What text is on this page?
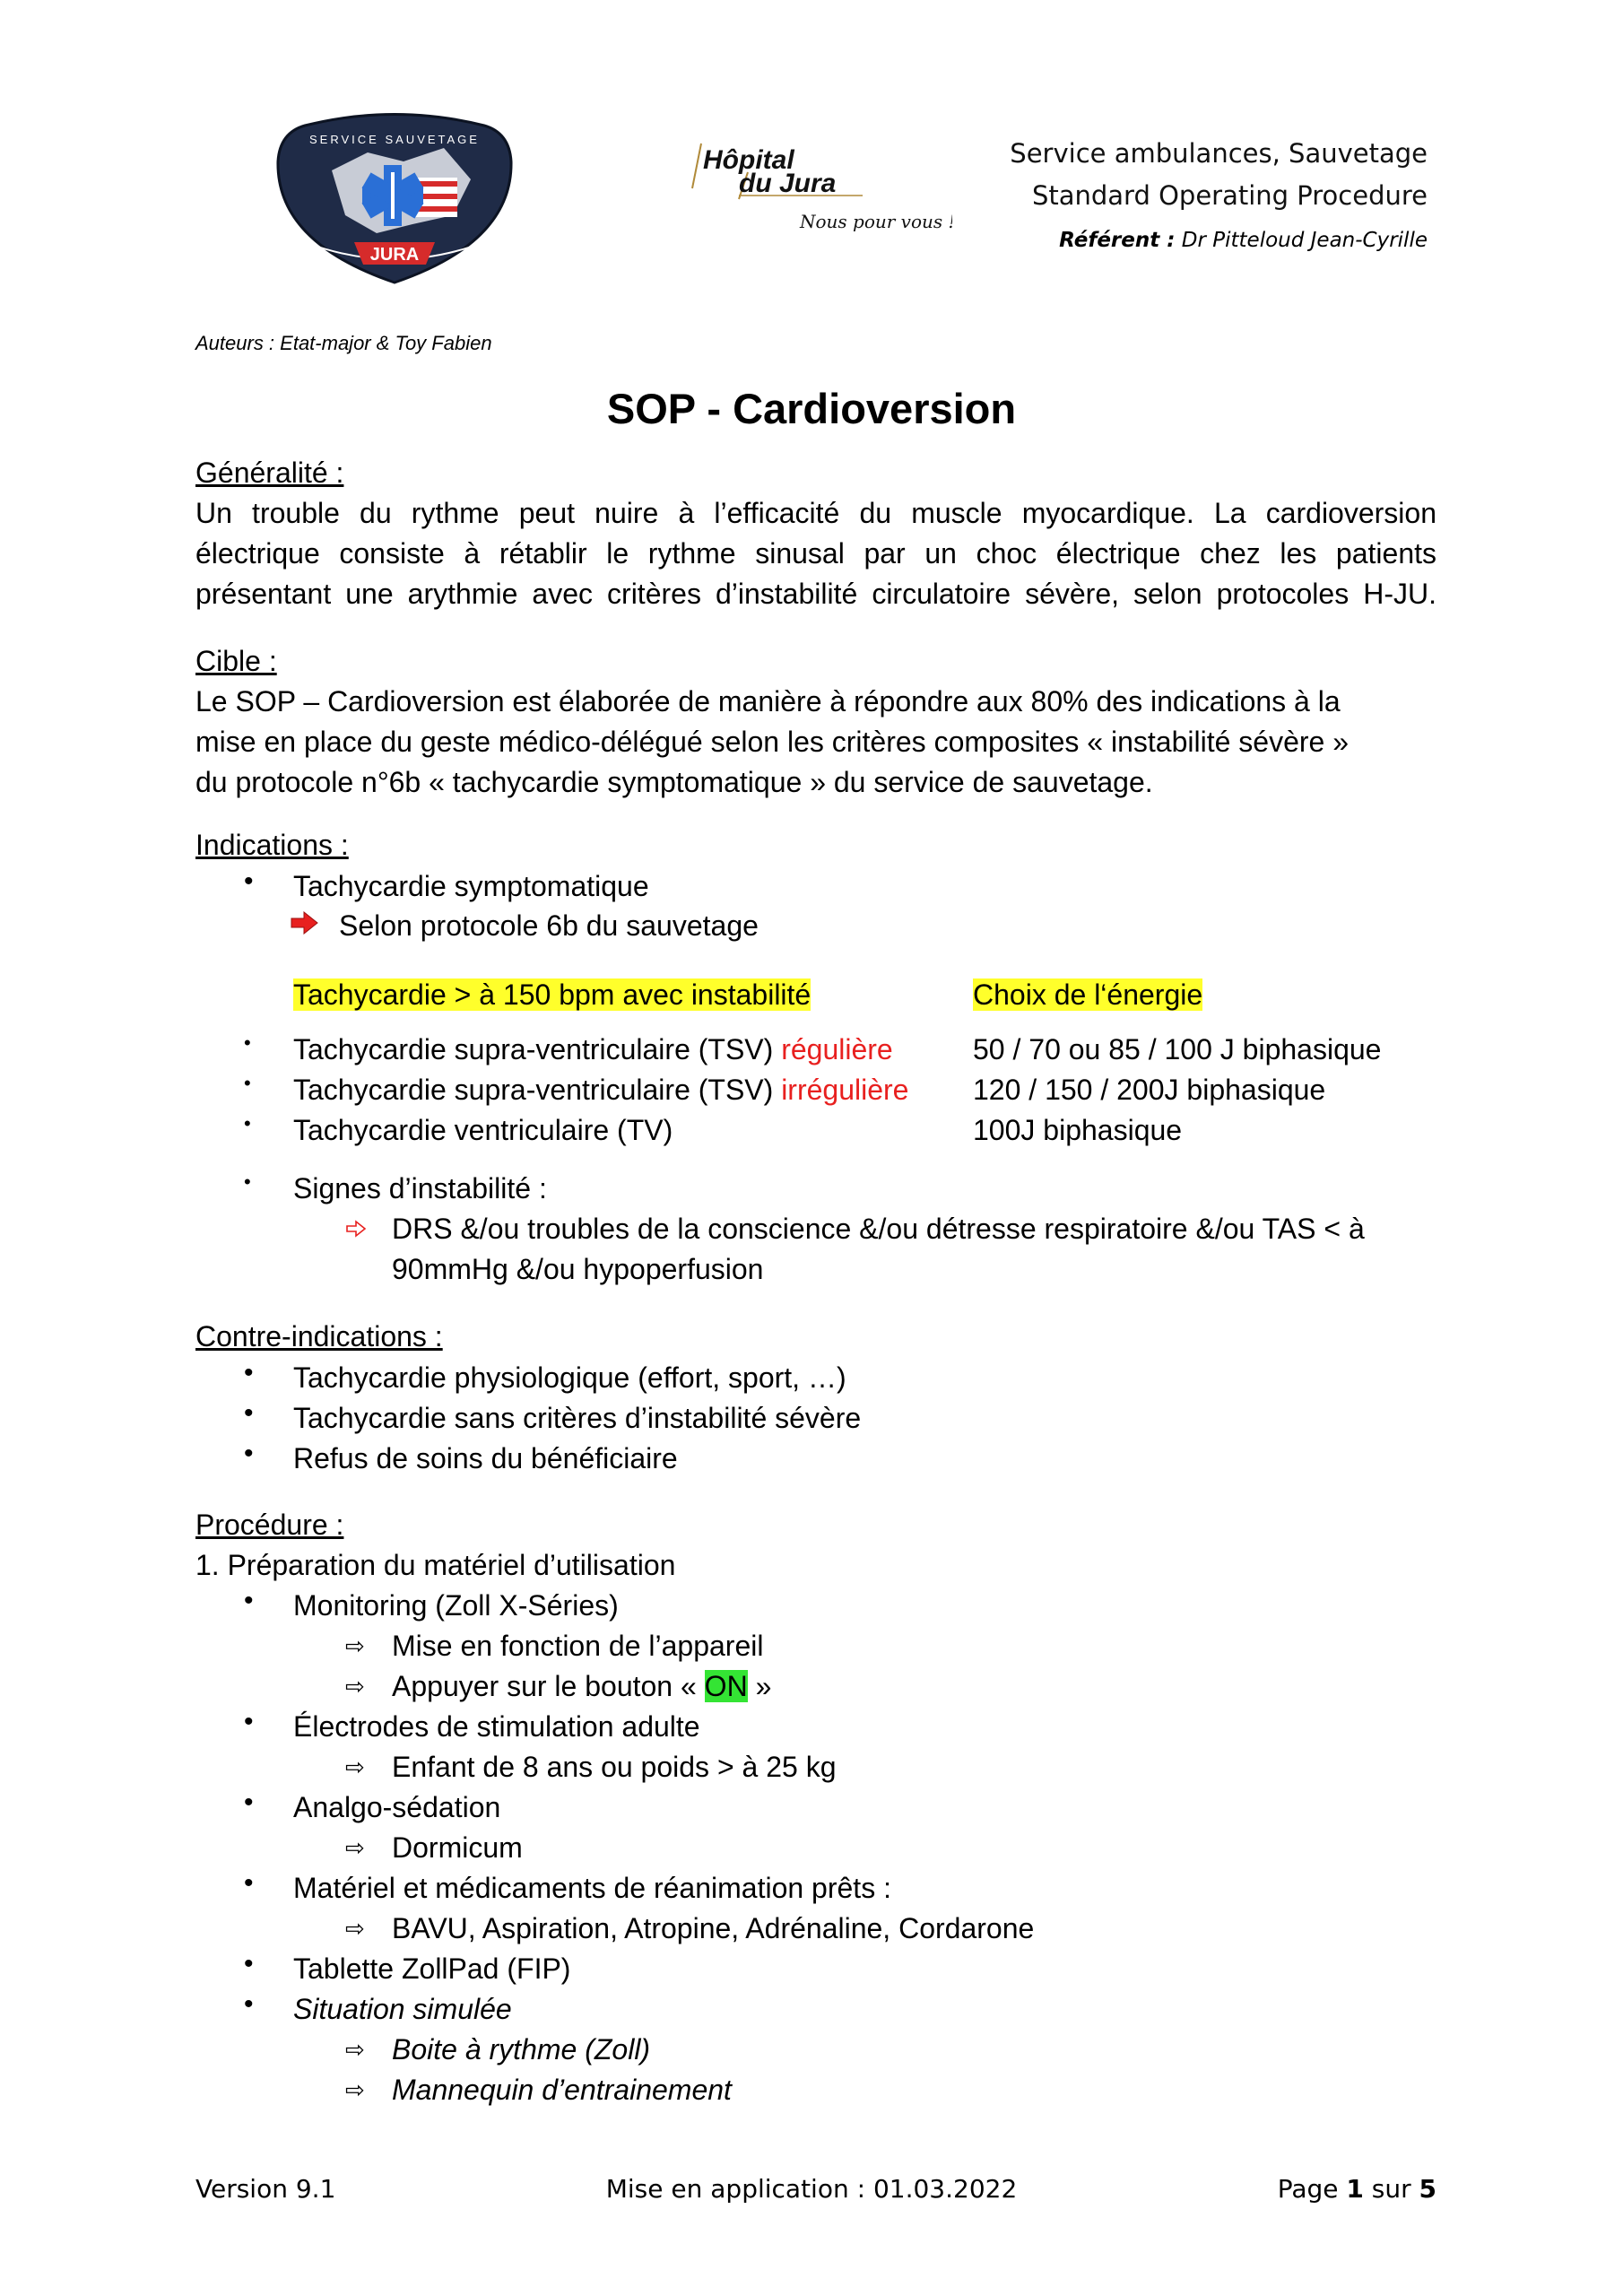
JURA
SERVICE SAUVETAGE
Hôpital
du Jura
Nous pour vous !
Service ambulances, Sauvetage
Standard Operating Procedure
Référent : Dr Pitteloud Jean-Cyrille
Auteurs : Etat-major & Toy Fabien
SOP - Cardioversion
Généralité :
Un trouble du rythme peut nuire à l’efficacité du muscle myocardique. La cardioversion
électrique consiste à rétablir le rythme sinusal par un choc électrique chez les patients
présentant une arythmie avec critères d’instabilité circulatoire sévère, selon protocoles H-JU.
Cible :
Le SOP – Cardioversion est élaborée de manière à répondre aux 80% des indications à la
mise en place du geste médico-délégué selon les critères composites « instabilité sévère »
du protocole n°6b « tachycardie symptomatique » du service de sauvetage.
Indications :
• Tachycardie symptomatique
Selon protocole 6b du sauvetage
Tachycardie > à 150 bpm avec instabilité	Choix de l‘énergie
• Tachycardie supra-ventriculaire (TSV) régulière	50 / 70 ou 85 / 100 J biphasique
• Tachycardie supra-ventriculaire (TSV) irrégulière 120 / 150 / 200J biphasique
• Tachycardie ventriculaire (TV)	100J biphasique
• Signes d’instabilité :
DRS &/ou troubles de la conscience &/ou détresse respiratoire &/ou TAS < à
90mmHg &/ou hypoperfusion
Contre-indications :
• Tachycardie physiologique (effort, sport, …)
• Tachycardie sans critères d’instabilité sévère
• Refus de soins du bénéficiaire
Procédure :
1. Préparation du matériel d’utilisation
• Monitoring (Zoll X-Séries)
⇨ Mise en fonction de l’appareil
⇨ Appuyer sur le bouton « ON »
• Électrodes de stimulation adulte
⇨ Enfant de 8 ans ou poids > à 25 kg
• Analgo-sédation
⇨ Dormicum
• Matériel et médicaments de réanimation prêts :
⇨ BAVU, Aspiration, Atropine, Adrénaline, Cordarone
• Tablette ZollPad (FIP)
• Situation simulée
⇨ Boite à rythme (Zoll)
⇨ Mannequin d’entrainement
Version 9.1	Mise en application : 01.03.2022	Page 1 sur 5
